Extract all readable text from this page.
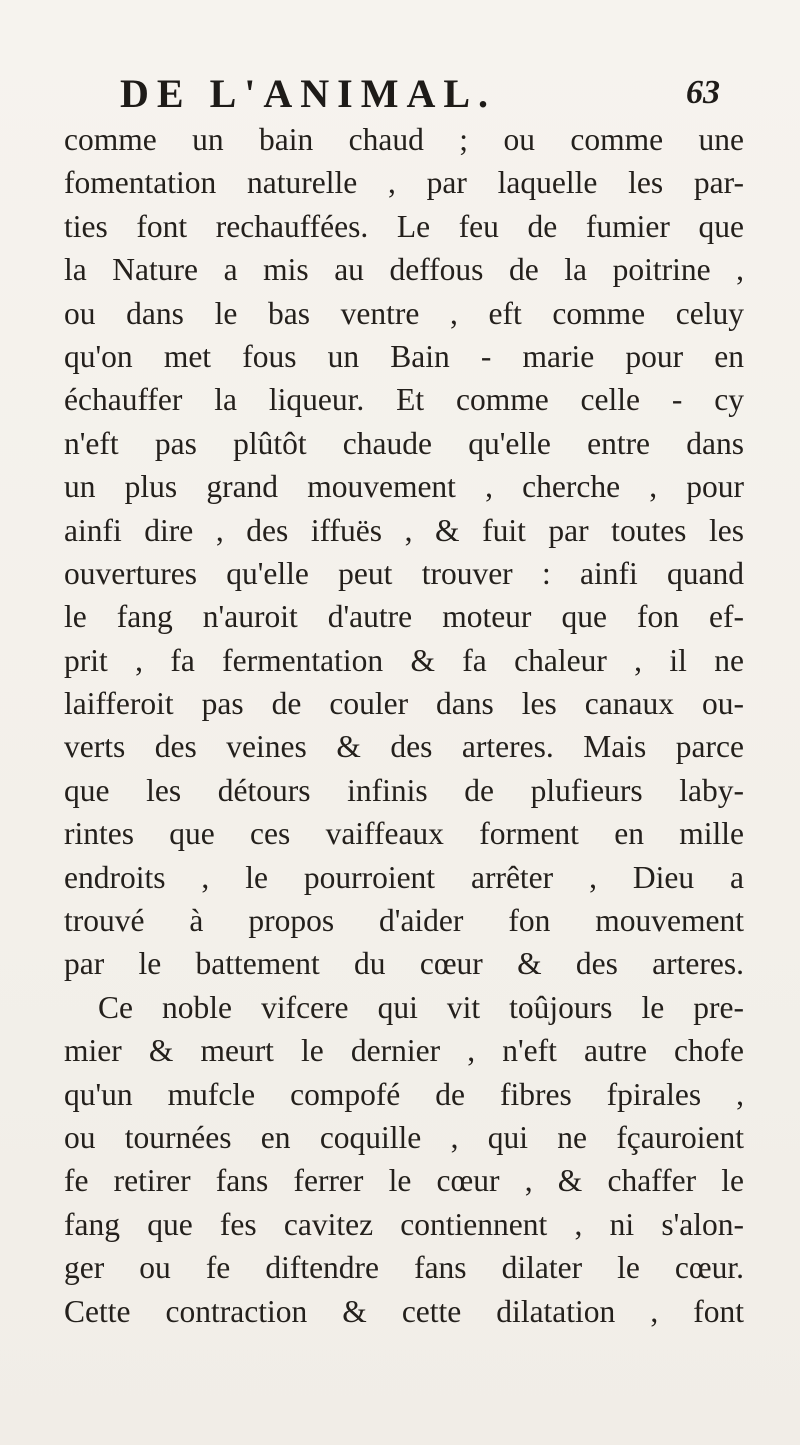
DE L'ANIMAL.	63
comme un bain chaud ; ou comme une
fomentation naturelle , par laquelle les par-
ties font rechauffées. Le feu de fumier que
la Nature a mis au deffous de la poitrine ,
ou dans le bas ventre , eft comme celuy
qu'on met fous un Bain - marie pour en
échauffer la liqueur. Et comme celle - cy
n'eft pas plûtôt chaude qu'elle entre dans
un plus grand mouvement , cherche , pour
ainfi dire , des iffuës , & fuit par toutes les
ouvertures qu'elle peut trouver : ainfi quand
le fang n'auroit d'autre moteur que fon ef-
prit , fa fermentation & fa chaleur , il ne
laifferoit pas de couler dans les canaux ou-
verts des veines & des arteres. Mais parce
que les détours infinis de plufieurs laby-
rintes que ces vaiffeaux forment en mille
endroits , le pourroient arrêter , Dieu a
trouvé à propos d'aider fon mouvement
par le battement du cœur & des arteres.
Ce noble vifcere qui vit toûjours le pre-
mier & meurt le dernier , n'eft autre chofe
qu'un mufcle compofé de fibres fpirales ,
ou tournées en coquille , qui ne fçauroient
fe retirer fans ferrer le cœur , & chaffer le
fang que fes cavitez contiennent , ni s'alon-
ger ou fe diftendre fans dilater le cœur.
Cette contraction & cette dilatation , font
